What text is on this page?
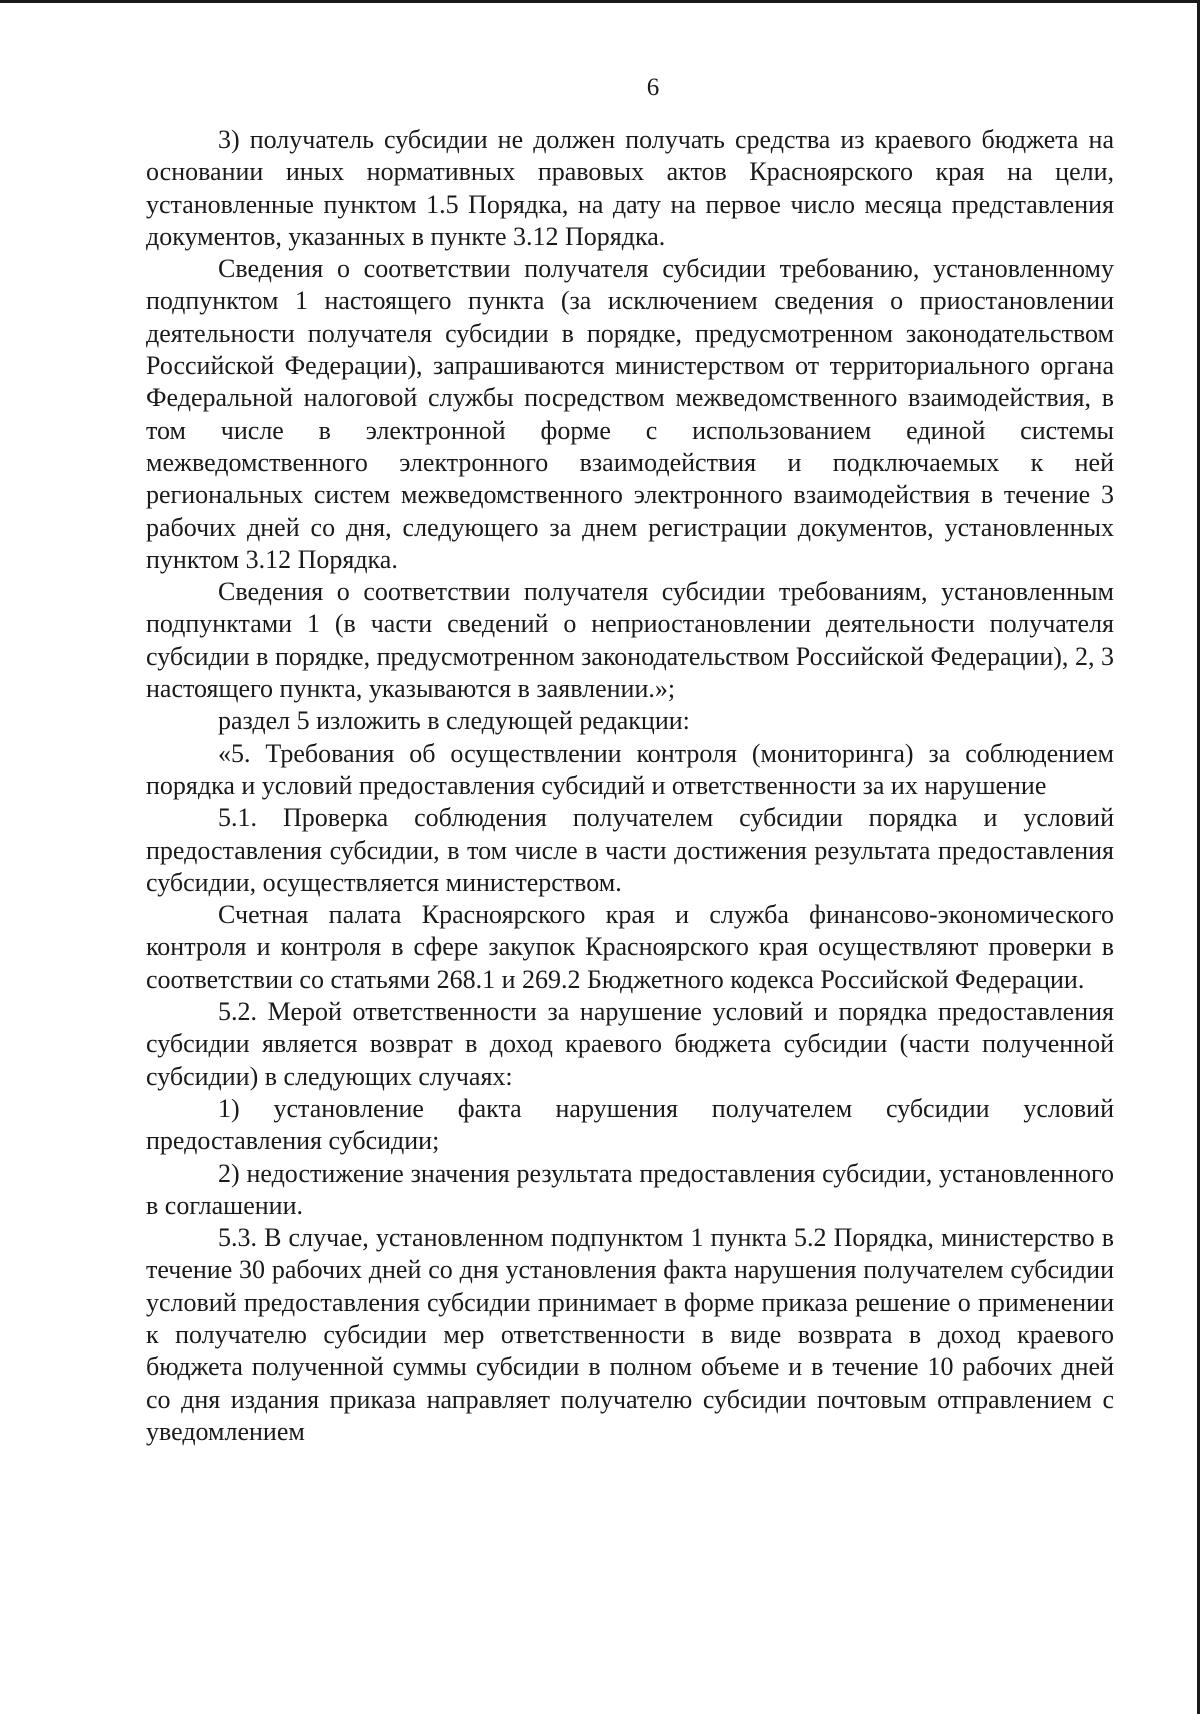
6

3) получатель субсидии не должен получать средства из краевого бюджета на основании иных нормативных правовых актов Красноярского края на цели, установленные пунктом 1.5 Порядка, на дату на первое число месяца представления документов, указанных в пункте 3.12 Порядка.

Сведения о соответствии получателя субсидии требованию, установленному подпунктом 1 настоящего пункта (за исключением сведения о приостановлении деятельности получателя субсидии в порядке, предусмотренном законодательством Российской Федерации), запрашиваются министерством от территориального органа Федеральной налоговой службы посредством межведомственного взаимодействия, в том числе в электронной форме с использованием единой системы межведомственного электронного взаимодействия и подключаемых к ней региональных систем межведомственного электронного взаимодействия в течение 3 рабочих дней со дня, следующего за днем регистрации документов, установленных пунктом 3.12 Порядка.

Сведения о соответствии получателя субсидии требованиям, установленным подпунктами 1 (в части сведений о неприостановлении деятельности получателя субсидии в порядке, предусмотренном законодательством Российской Федерации), 2, 3 настоящего пункта, указываются в заявлении.»;

раздел 5 изложить в следующей редакции:

«5. Требования об осуществлении контроля (мониторинга) за соблюдением порядка и условий предоставления субсидий и ответственности за их нарушение

5.1. Проверка соблюдения получателем субсидии порядка и условий предоставления субсидии, в том числе в части достижения результата предоставления субсидии, осуществляется министерством.

Счетная палата Красноярского края и служба финансово-экономического контроля и контроля в сфере закупок Красноярского края осуществляют проверки в соответствии со статьями 268.1 и 269.2 Бюджетного кодекса Российской Федерации.

5.2. Мерой ответственности за нарушение условий и порядка предоставления субсидии является возврат в доход краевого бюджета субсидии (части полученной субсидии) в следующих случаях:

1) установление факта нарушения получателем субсидии условий предоставления субсидии;

2) недостижение значения результата предоставления субсидии, установленного в соглашении.

5.3. В случае, установленном подпунктом 1 пункта 5.2 Порядка, министерство в течение 30 рабочих дней со дня установления факта нарушения получателем субсидии условий предоставления субсидии принимает в форме приказа решение о применении к получателю субсидии мер ответственности в виде возврата в доход краевого бюджета полученной суммы субсидии в полном объеме и в течение 10 рабочих дней со дня издания приказа направляет получателю субсидии почтовым отправлением с уведомлением
